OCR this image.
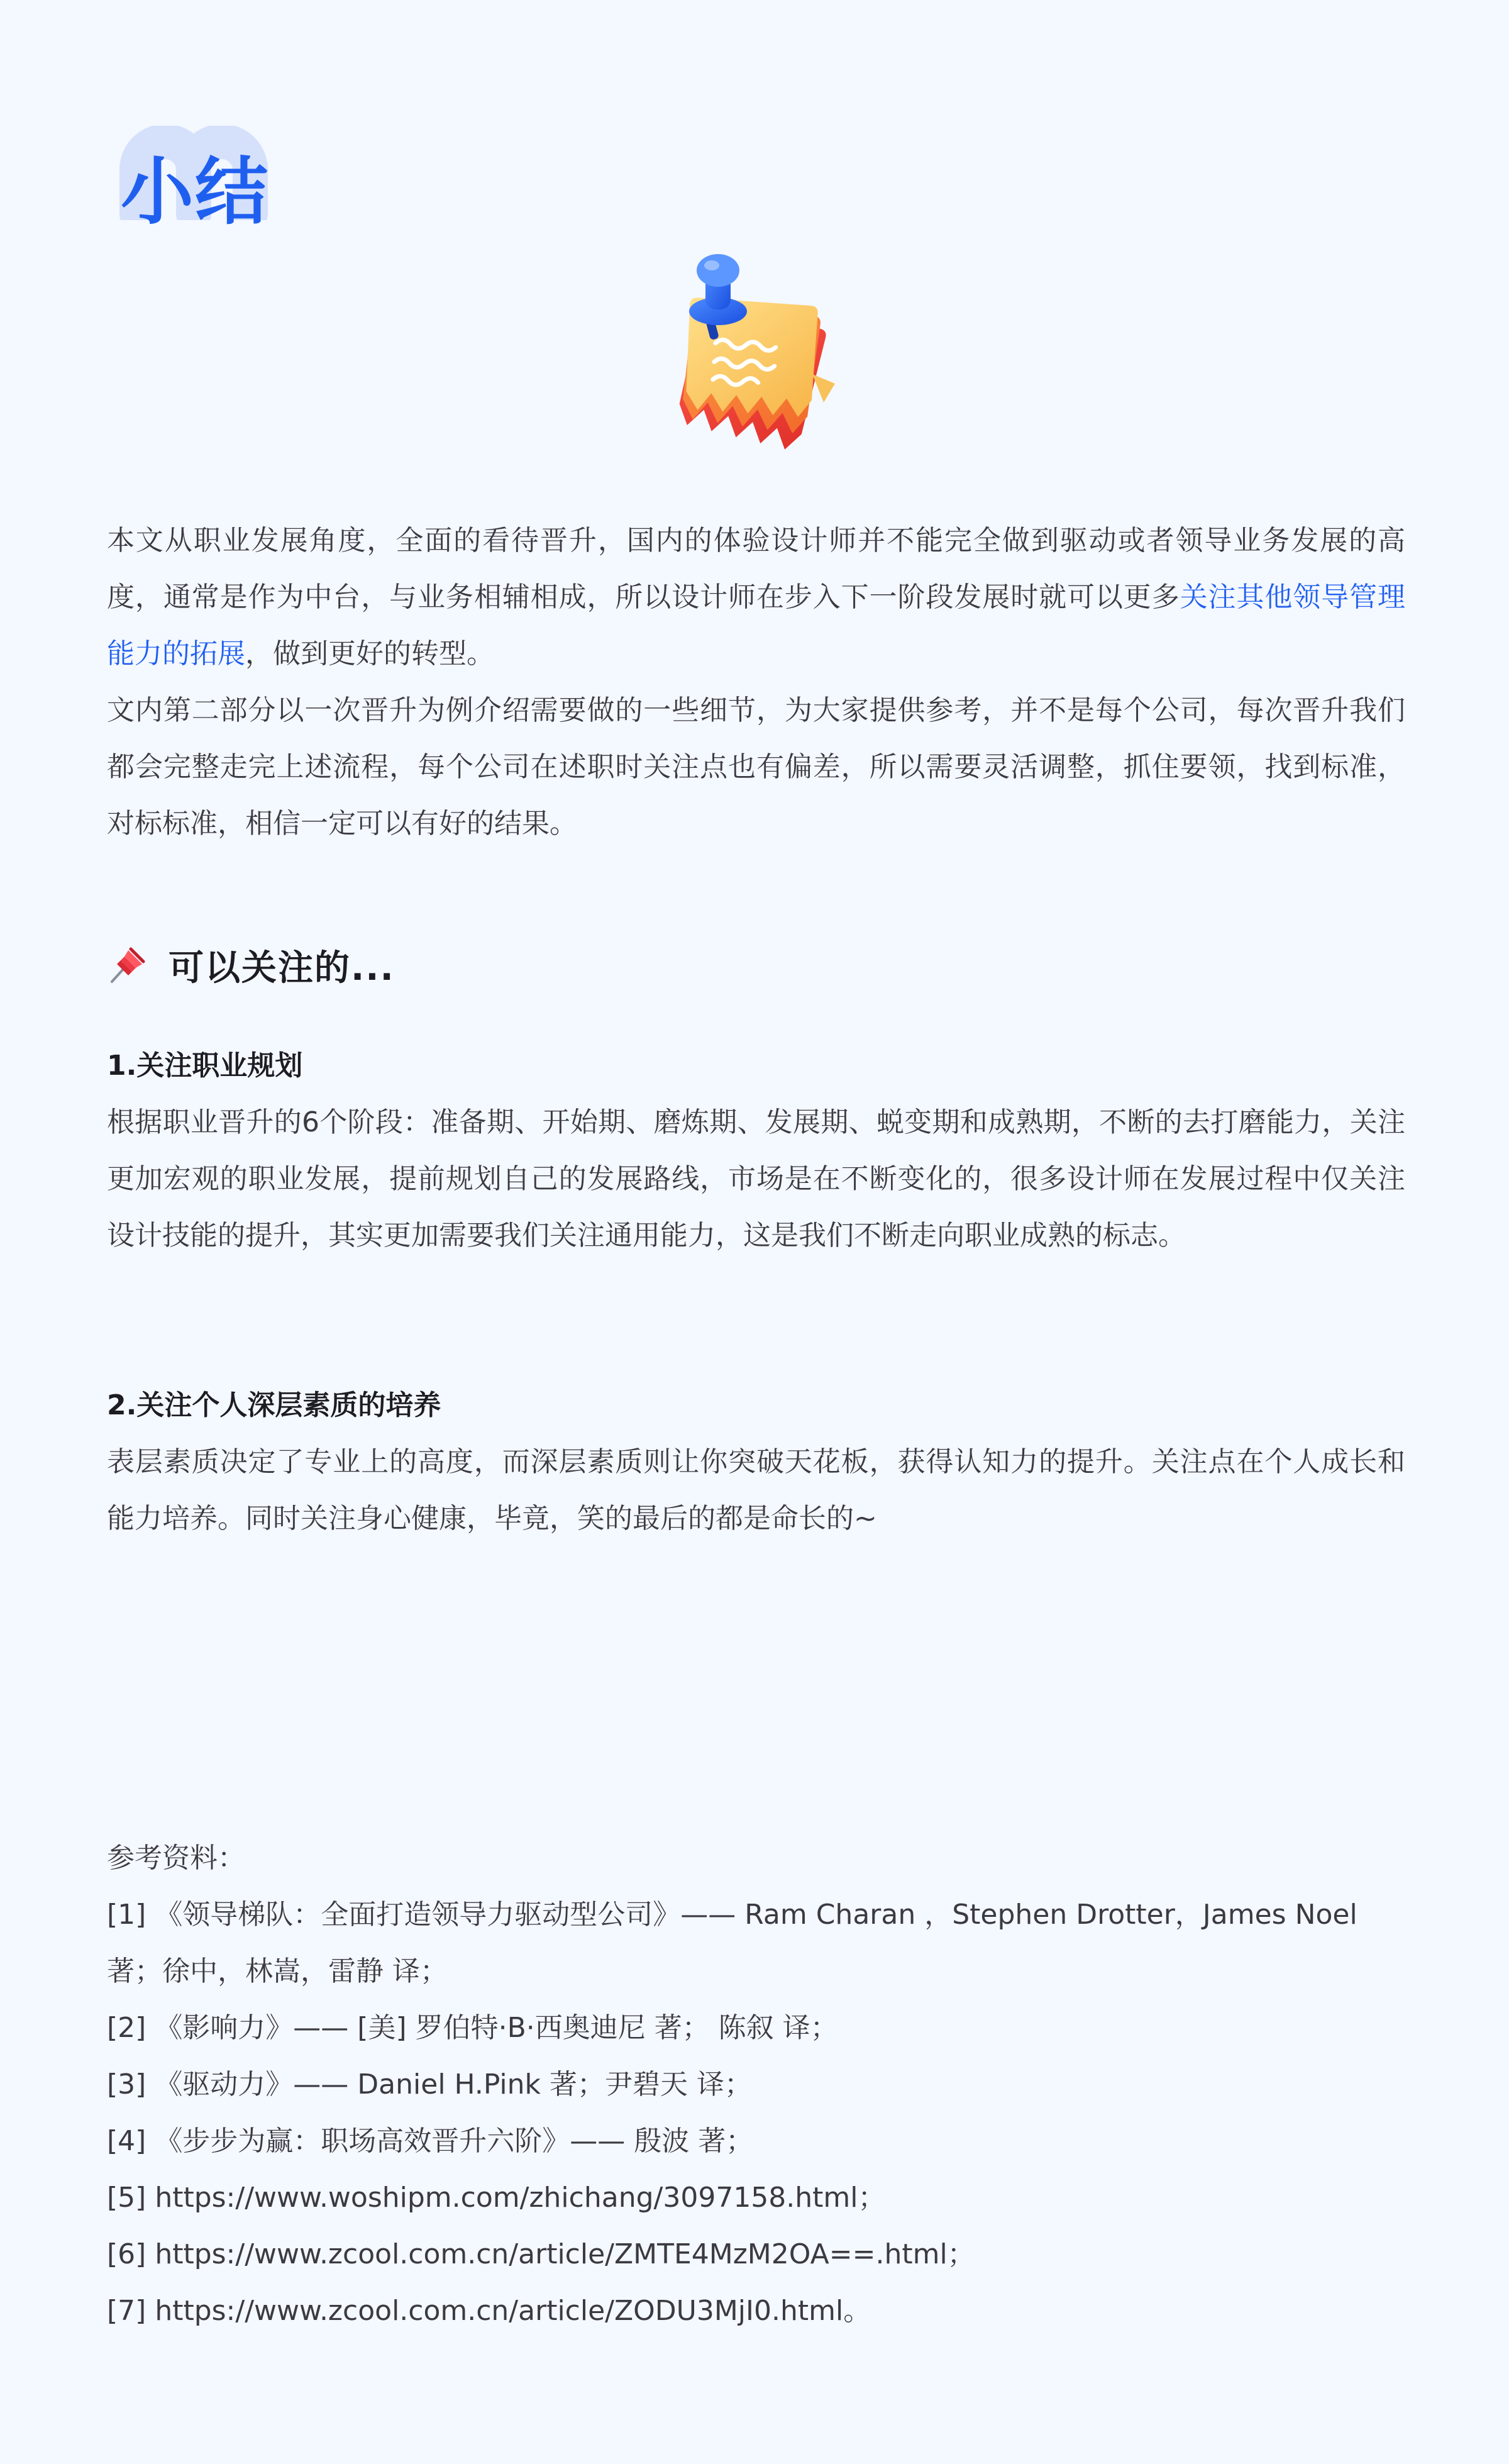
小结

本文从职业发展角度，全面的看待晋升，国内的体验设计师并不能完全做到驱动或者领导业务发展的高度，通常是作为中台，与业务相辅相成，所以设计师在步入下一阶段发展时就可以更多关注其他领导管理能力的拓展，做到更好的转型。

文内第二部分以一次晋升为例介绍需要做的一些细节，为大家提供参考，并不是每个公司，每次晋升我们都会完整走完上述流程，每个公司在述职时关注点也有偏差，所以需要灵活调整，抓住要领，找到标准，对标标准，相信一定可以有好的结果。

可以关注的...

1.关注职业规划

根据职业晋升的6个阶段：准备期、开始期、磨炼期、发展期、蜕变期和成熟期，不断的去打磨能力，关注更加宏观的职业发展，提前规划自己的发展路线，市场是在不断变化的，很多设计师在发展过程中仅关注设计技能的提升，其实更加需要我们关注通用能力，这是我们不断走向职业成熟的标志。

2.关注个人深层素质的培养

表层素质决定了专业上的高度，而深层素质则让你突破天花板，获得认知力的提升。关注点在个人成长和能力培养。同时关注身心健康，毕竟，笑的最后的都是命长的~

参考资料：

[1] 《领导梯队：全面打造领导力驱动型公司》—— Ram Charan ，Stephen Drotter，James Noel 著；徐中，林嵩，雷静 译；

[2] 《影响力》—— [美] 罗伯特·B·西奥迪尼 著； 陈叙 译；

[3] 《驱动力》—— Daniel H.Pink 著；尹碧天 译；

[4] 《步步为赢：职场高效晋升六阶》—— 殷波 著；

[5] https://www.woshipm.com/zhichang/3097158.html；

[6] https://www.zcool.com.cn/article/ZMTE4MzM2OA==.html；

[7] https://www.zcool.com.cn/article/ZODU3MjI0.html。
